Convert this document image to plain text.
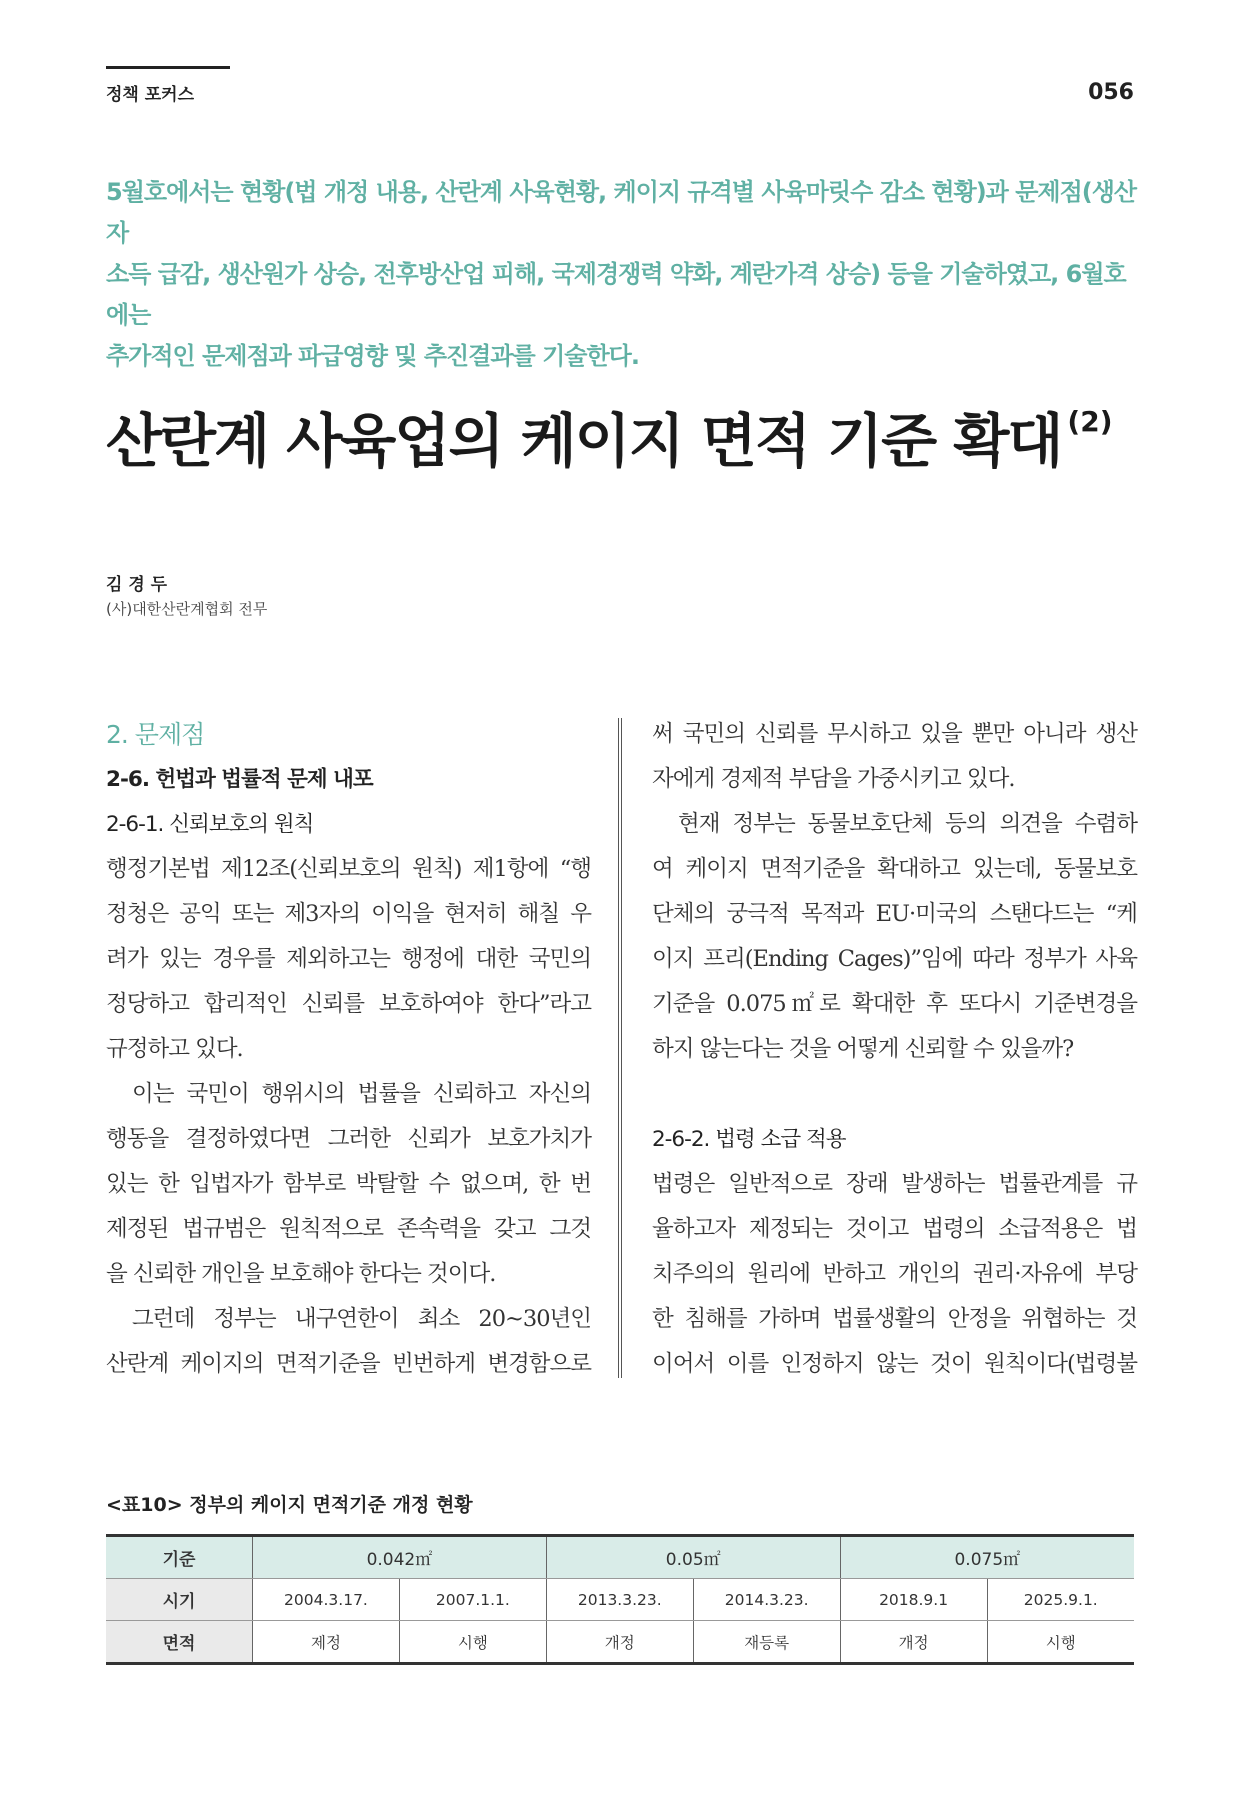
정책 포커스	056
5월호에서는 현황(법 개정 내용, 산란계 사육현황, 케이지 규격별 사육마릿수 감소 현황)과 문제점(생산자
소득 급감, 생산원가 상승, 전후방산업 피해, 국제경쟁력 약화, 계란가격 상승) 등을 기술하였고, 6월호에는
추가적인 문제점과 파급영향 및 추진결과를 기술한다.
산란계 사육업의 케이지 면적 기준 확대 $^{(2)}$
김 경 두
(사)대한산란계협회 전무
2. 문제점
2-6. 헌법과 법률적 문제 내포
2-6-1. 신뢰보호의 원칙
행정기본법 제12조(신뢰보호의 원칙) 제1항에 “행
정청은 공익 또는 제3자의 이익을 현저히 해칠 우
려가 있는 경우를 제외하고는 행정에 대한 국민의
정당하고 합리적인 신뢰를 보호하여야 한다”라고
규정하고 있다.
이는 국민이 행위시의 법률을 신뢰하고 자신의
행동을 결정하였다면 그러한 신뢰가 보호가치가
있는 한 입법자가 함부로 박탈할 수 없으며, 한 번
제정된 법규범은 원칙적으로 존속력을 갖고 그것
을 신뢰한 개인을 보호해야 한다는 것이다.
그런데 정부는 내구연한이 최소 20~30년인
산란계 케이지의 면적기준을 빈번하게 변경함으로
써 국민의 신뢰를 무시하고 있을 뿐만 아니라 생산
자에게 경제적 부담을 가중시키고 있다.
현재 정부는 동물보호단체 등의 의견을 수렴하
여 케이지 면적기준을 확대하고 있는데, 동물보호
단체의 궁극적 목적과 EU·미국의 스탠다드는 “케
이지 프리(Ending Cages)”임에 따라 정부가 사육
기준을 0.075㎡로 확대한 후 또다시 기준변경을
하지 않는다는 것을 어떻게 신뢰할 수 있을까?
2-6-2. 법령 소급 적용
법령은 일반적으로 장래 발생하는 법률관계를 규
율하고자 제정되는 것이고 법령의 소급적용은 법
치주의의 원리에 반하고 개인의 권리·자유에 부당
한 침해를 가하며 법률생활의 안정을 위협하는 것
이어서 이를 인정하지 않는 것이 원칙이다(법령불
<표10> 정부의 케이지 면적기준 개정 현황
기준	0.042㎡		0.05㎡		0.075㎡	
시기	2004.3.17.	2007.1.1.	2013.3.23.	2014.3.23.	2018.9.1	2025.9.1.
면적	제정	시행	개정	재등록	개정	시행
